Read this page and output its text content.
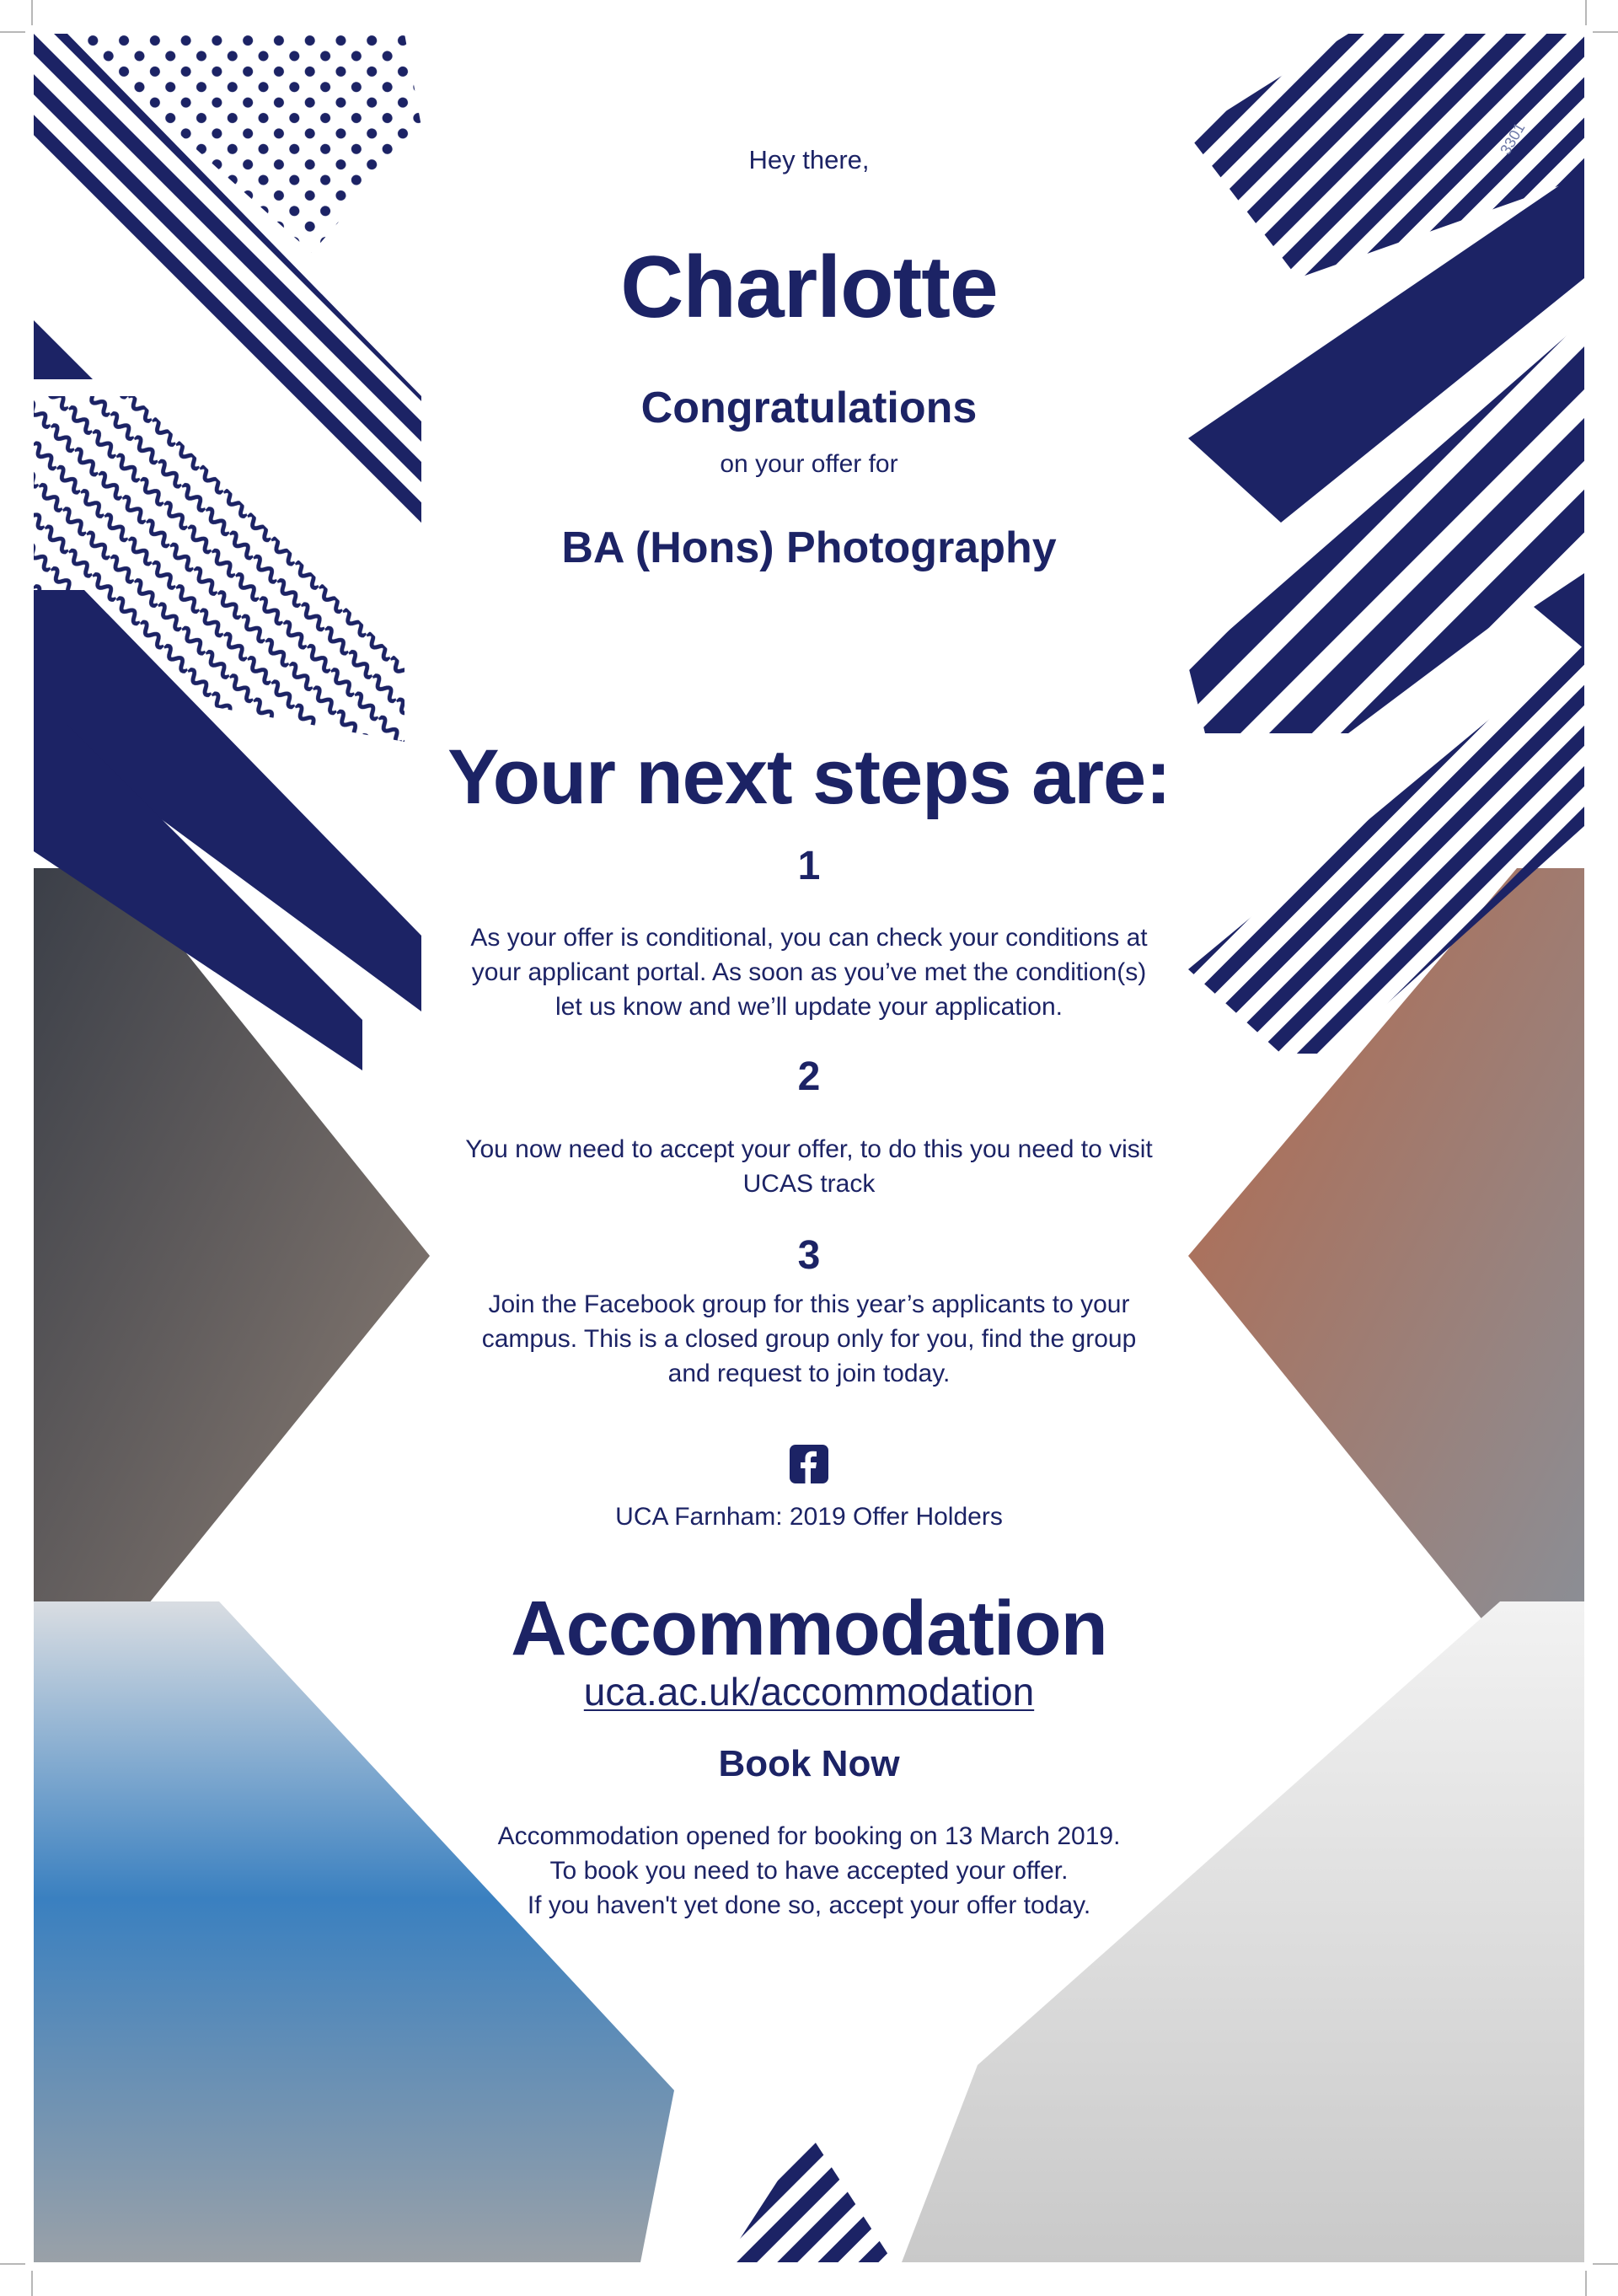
3301
Hey there,
Charlotte
Congratulations
on your offer for
BA (Hons) Photography
Your next steps are:
1
As your offer is conditional, you can check your conditions at
your applicant portal. As soon as you’ve met the condition(s)
let us know and we’ll update your application.
2
You now need to accept your offer, to do this you need to visit
UCAS track
3
Join the Facebook group for this year’s applicants to your
campus. This is a closed group only for you, find the group
and request to join today.
UCA Farnham: 2019 Offer Holders
Accommodation
uca.ac.uk/accommodation
Book Now
Accommodation opened for booking on 13 March 2019.
To book you need to have accepted your offer.
If you haven't yet done so, accept your offer today.
